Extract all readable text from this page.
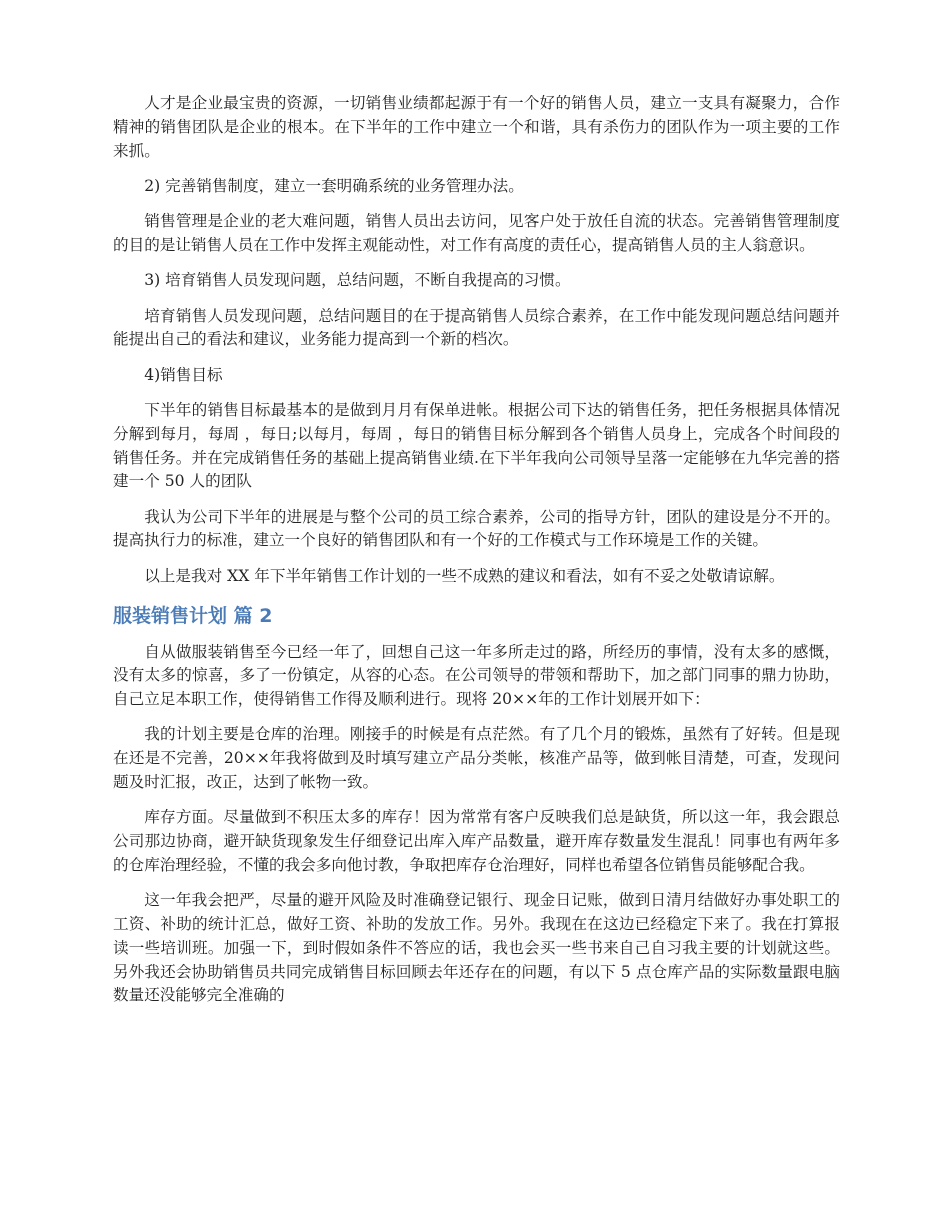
人才是企业最宝贵的资源，一切销售业绩都起源于有一个好的销售人员，建立一支具有凝聚力，合作精神的销售团队是企业的根本。在下半年的工作中建立一个和谐，具有杀伤力的团队作为一项主要的工作来抓。

2) 完善销售制度，建立一套明确系统的业务管理办法。

销售管理是企业的老大难问题，销售人员出去访问，见客户处于放任自流的状态。完善销售管理制度的目的是让销售人员在工作中发挥主观能动性，对工作有高度的责任心，提高销售人员的主人翁意识。

3) 培育销售人员发现问题，总结问题，不断自我提高的习惯。

培育销售人员发现问题，总结问题目的在于提高销售人员综合素养，在工作中能发现问题总结问题并能提出自己的看法和建议，业务能力提高到一个新的档次。

4)销售目标

下半年的销售目标最基本的是做到月月有保单进帐。根据公司下达的销售任务，把任务根据具体情况分解到每月，每周 ，每日;以每月，每周 ，每日的销售目标分解到各个销售人员身上，完成各个时间段的销售任务。并在完成销售任务的基础上提高销售业绩.在下半年我向公司领导呈落一定能够在九华完善的搭建一个 50 人的团队

我认为公司下半年的进展是与整个公司的员工综合素养，公司的指导方针，团队的建设是分不开的。提高执行力的标准，建立一个良好的销售团队和有一个好的工作模式与工作环境是工作的关键。

以上是我对 XX 年下半年销售工作计划的一些不成熟的建议和看法，如有不妥之处敬请谅解。

服装销售计划 篇 2

自从做服装销售至今已经一年了，回想自己这一年多所走过的路，所经历的事情，没有太多的感慨，没有太多的惊喜，多了一份镇定，从容的心态。在公司领导的带领和帮助下，加之部门同事的鼎力协助，自己立足本职工作，使得销售工作得及顺利进行。现将 20××年的工作计划展开如下：

我的计划主要是仓库的治理。刚接手的时候是有点茫然。有了几个月的锻炼，虽然有了好转。但是现在还是不完善，20××年我将做到及时填写建立产品分类帐，核准产品等，做到帐目清楚，可查，发现问题及时汇报，改正，达到了帐物一致。

库存方面。尽量做到不积压太多的库存！因为常常有客户反映我们总是缺货，所以这一年，我会跟总公司那边协商，避开缺货现象发生仔细登记出库入库产品数量，避开库存数量发生混乱！同事也有两年多的仓库治理经验，不懂的我会多向他讨教，争取把库存仓治理好，同样也希望各位销售员能够配合我。

这一年我会把严，尽量的避开风险及时准确登记银行、现金日记账，做到日清月结做好办事处职工的工资、补助的统计汇总，做好工资、补助的发放工作。另外。我现在在这边已经稳定下来了。我在打算报读一些培训班。加强一下，到时假如条件不答应的话，我也会买一些书来自己自习我主要的计划就这些。另外我还会协助销售员共同完成销售目标回顾去年还存在的问题，有以下 5 点仓库产品的实际数量跟电脑数量还没能够完全准确的
